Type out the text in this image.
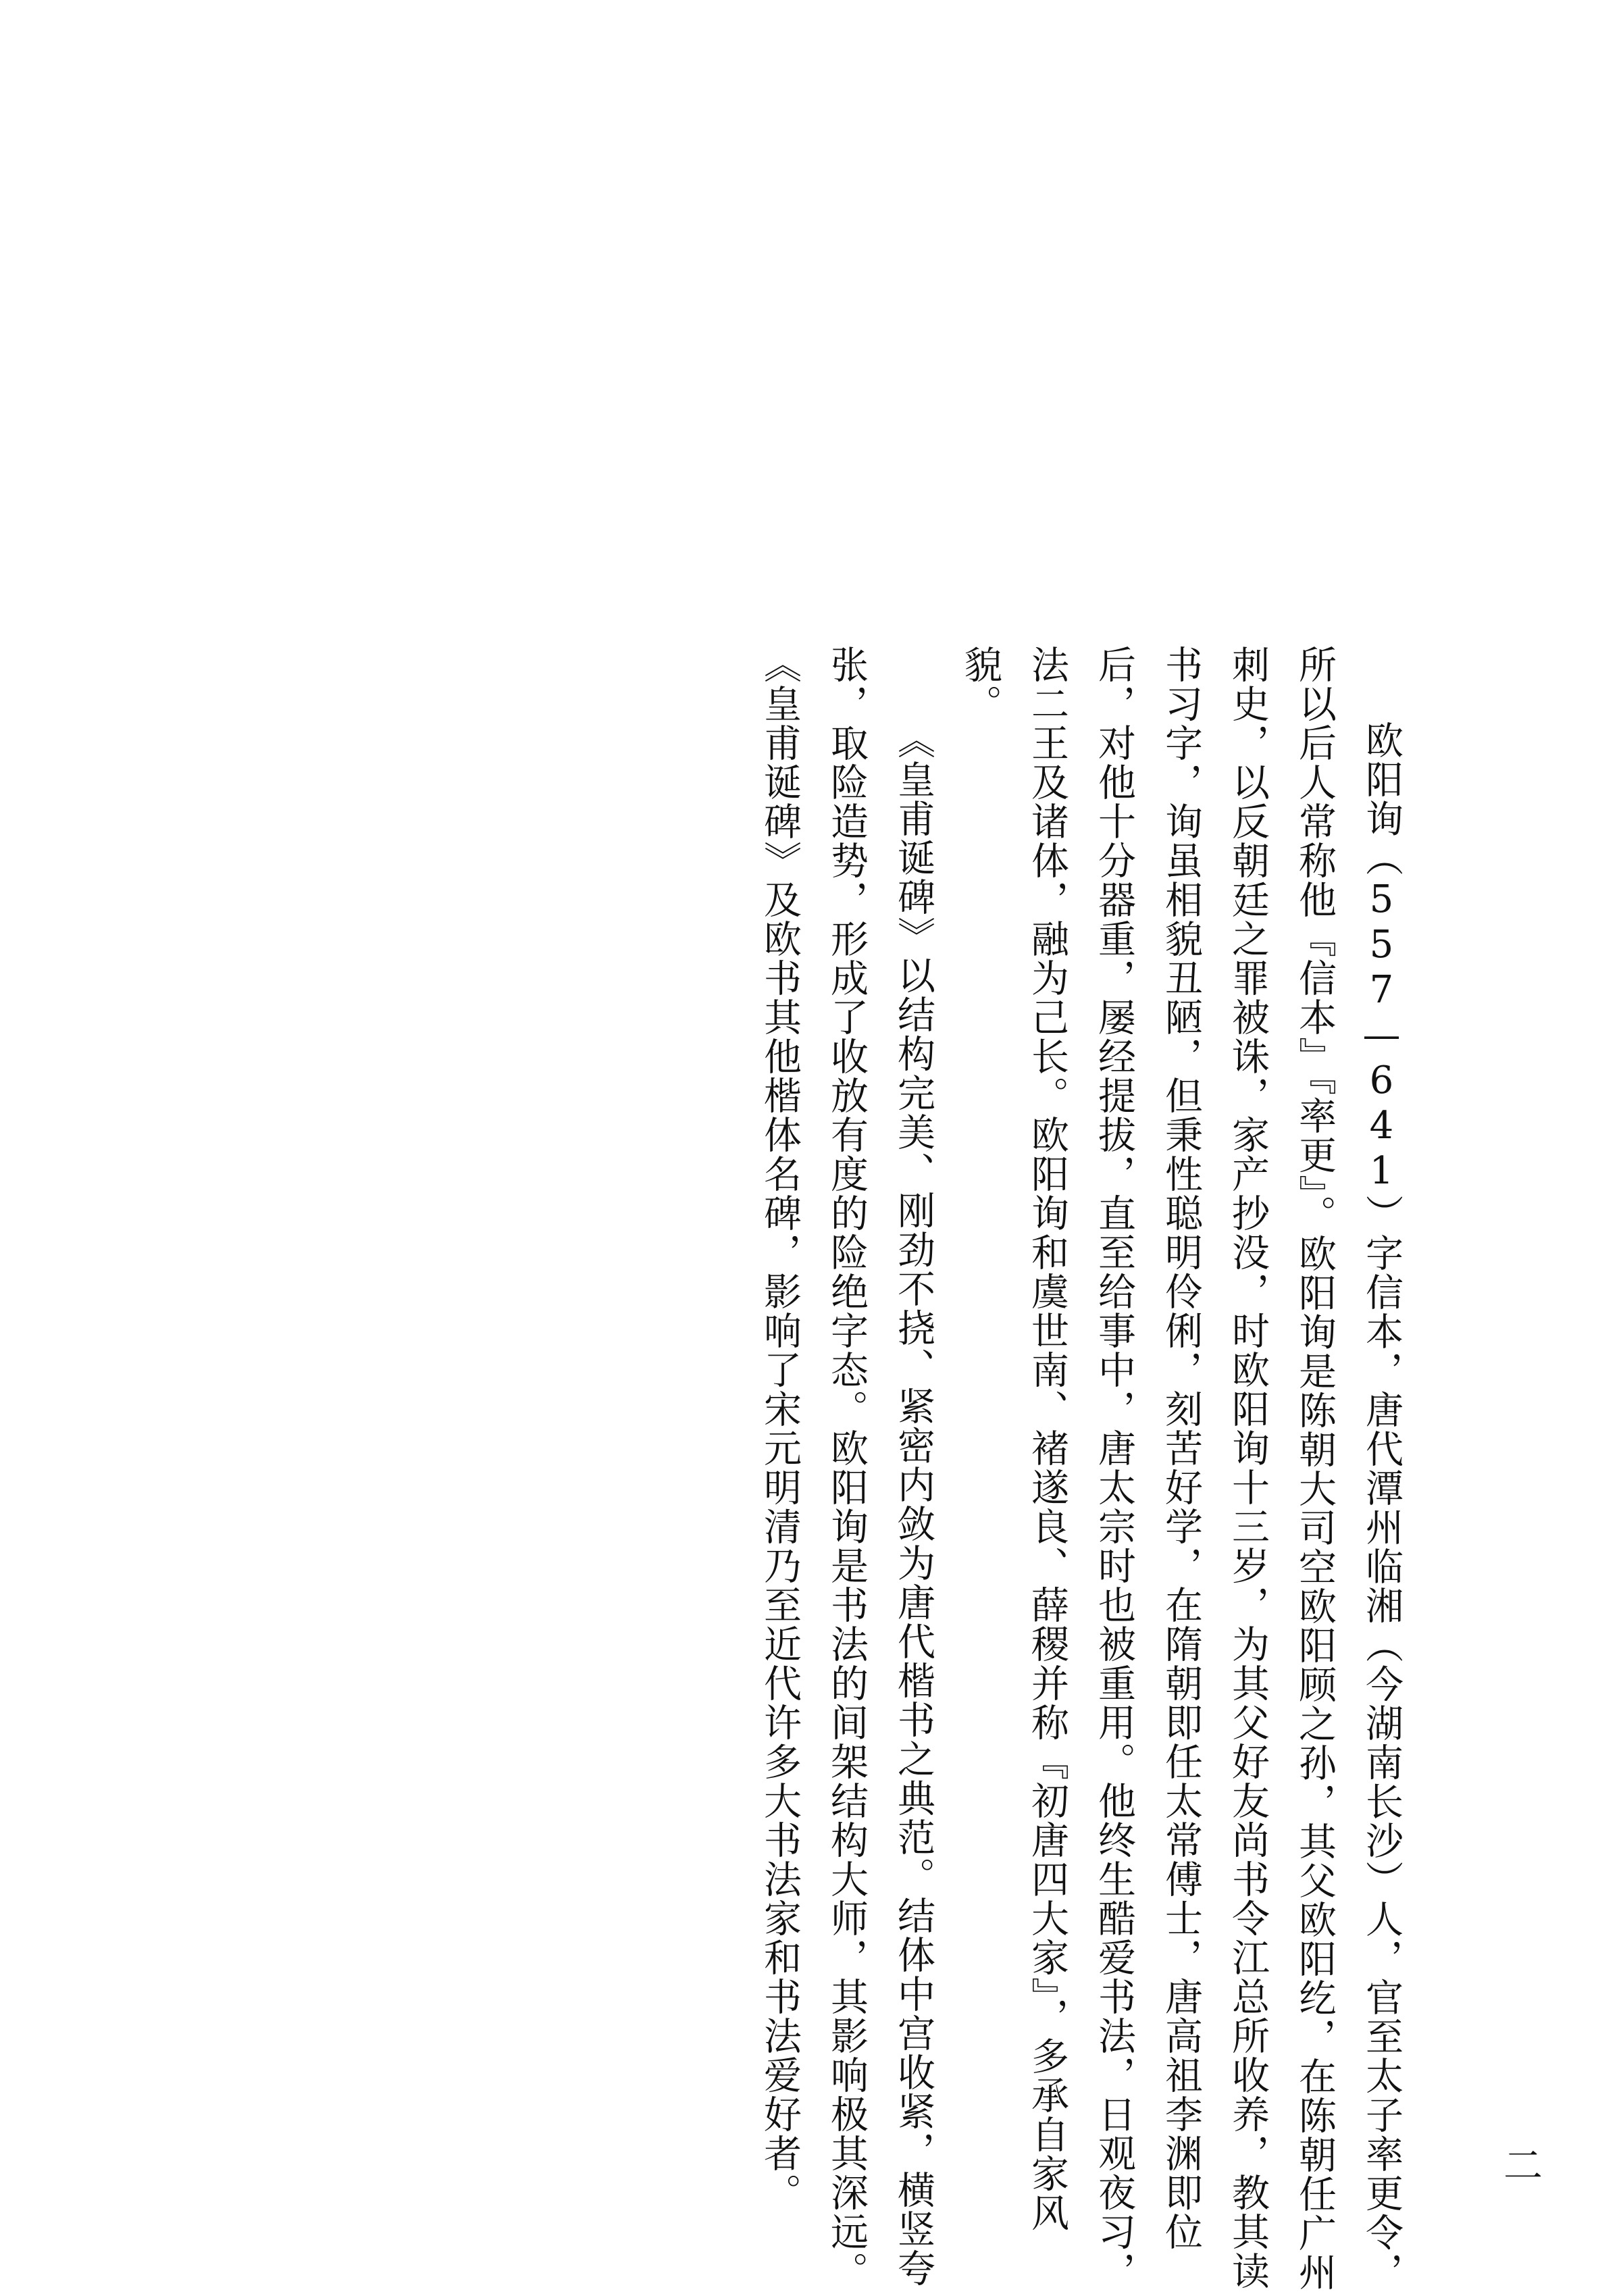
欧阳询（557—641）字信本，唐代潭州临湘（今湖南长沙）人，官至太子率更令，所以后人常称他『信本』『率更』。欧阳询是陈朝大司空欧阳顾之孙，其父欧阳纥，在陈朝任广州刺史，以反朝廷之罪被诛，家产抄没，时欧阳询十三岁，为其父好友尚书令江总所收养，教其读书习字，询虽相貌丑陋，但秉性聪明伶俐，刻苦好学，在隋朝即任太常傅士，唐高祖李渊即位后，对他十分器重，屡经提拔，直至给事中，唐太宗时也被重用。他终生酷爱书法，日观夜习，法二王及诸体，融为己长。欧阳询和虞世南、褚遂良、薛稷并称『初唐四大家』，多承自家风貌。

《皇甫诞碑》以结构完美、刚劲不挠、紧密内敛为唐代楷书之典范。结体中宫收紧，横竖夸张，取险造势，形成了收放有度的险绝字态。欧阳询是书法的间架结构大师，其影响极其深远。《皇甫诞碑》及欧书其他楷体名碑，影响了宋元明清乃至近代许多大书法家和书法爱好者。	二
